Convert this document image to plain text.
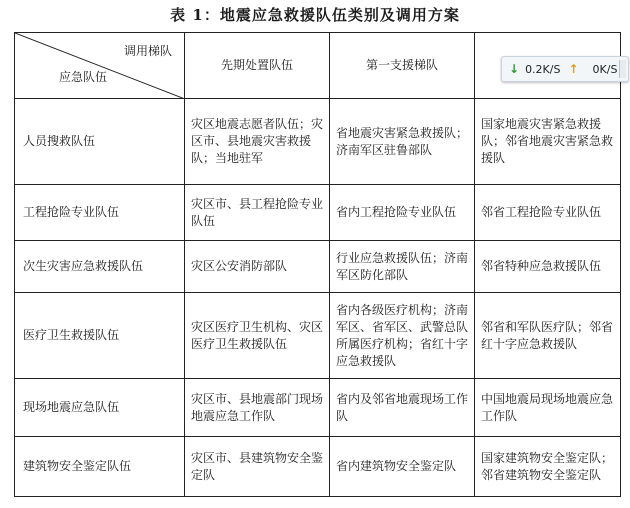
表 1：地震应急救援队伍类别及调用方案
调用梯队
应急队伍	先期处置队伍	第一支援梯队	
人员搜救队伍	灾区地震志愿者队伍；灾区市、县地震灾害救援队；当地驻军	省地震灾害紧急救援队；济南军区驻鲁部队	国家地震灾害紧急救援队；邻省地震灾害紧急救援队
工程抢险专业队伍	灾区市、县工程抢险专业队伍	省内工程抢险专业队伍	邻省工程抢险专业队伍
次生灾害应急救援队伍	灾区公安消防部队	行业应急救援队伍；济南军区防化部队	邻省特种应急救援队伍
医疗卫生救援队伍	灾区医疗卫生机构、灾区医疗卫生救援队伍	省内各级医疗机构；济南军区、省军区、武警总队所属医疗机构；省红十字应急救援队	邻省和军队医疗队；邻省红十字应急救援队
现场地震应急队伍	灾区市、县地震部门现场地震应急工作队	省内及邻省地震现场工作队	中国地震局现场地震应急工作队
建筑物安全鉴定队伍	灾区市、县建筑物安全鉴定队	省内建筑物安全鉴定队	国家建筑物安全鉴定队；邻省建筑物安全鉴定队
↓ 0.2K/S ↑ 0K/S
